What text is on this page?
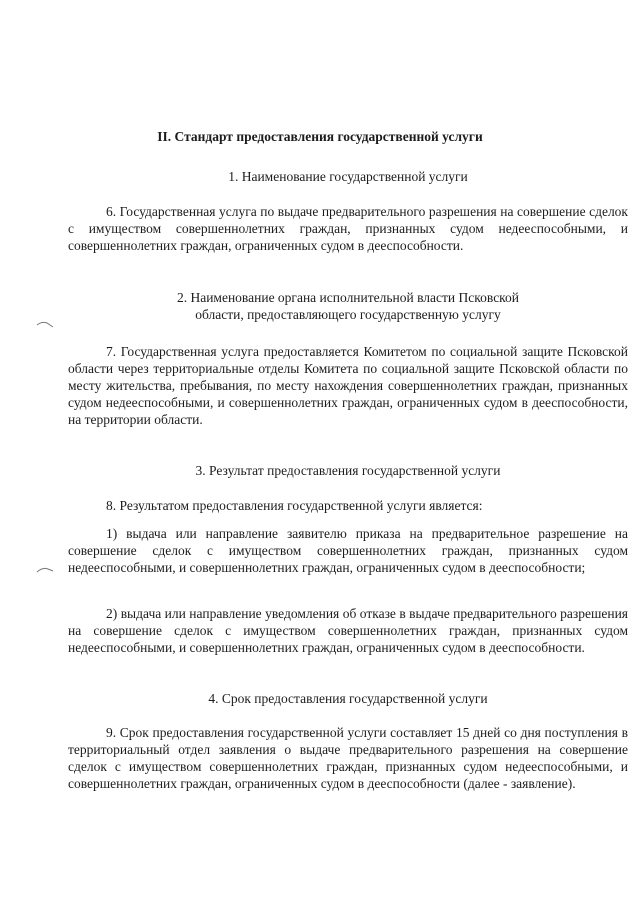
II. Стандарт предоставления государственной услуги
1. Наименование государственной услуги
6. Государственная услуга по выдаче предварительного разрешения на совершение сделок с имуществом совершеннолетних граждан, признанных судом недееспособными, и совершеннолетних граждан, ограниченных судом в дееспособности.
2. Наименование органа исполнительной власти Псковской
области, предоставляющего государственную услугу
7. Государственная услуга предоставляется Комитетом по социальной защите Псковской области через территориальные отделы Комитета по социальной защите Псковской области по месту жительства, пребывания, по месту нахождения совершеннолетних граждан, признанных судом недееспособными, и совершеннолетних граждан, ограниченных судом в дееспособности, на территории области.
3. Результат предоставления государственной услуги
8. Результатом предоставления государственной услуги является:
1) выдача или направление заявителю приказа на предварительное разрешение на совершение сделок с имуществом совершеннолетних граждан, признанных судом недееспособными, и совершеннолетних граждан, ограниченных судом в дееспособности;
2) выдача или направление уведомления об отказе в выдаче предварительного разрешения на совершение сделок с имуществом совершеннолетних граждан, признанных судом недееспособными, и совершеннолетних граждан, ограниченных судом в дееспособности.
4. Срок предоставления государственной услуги
9. Срок предоставления государственной услуги составляет 15 дней со дня поступления в территориальный отдел заявления о выдаче предварительного разрешения на совершение сделок с имуществом совершеннолетних граждан, признанных судом недееспособными, и совершеннолетних граждан, ограниченных судом в дееспособности (далее - заявление).
